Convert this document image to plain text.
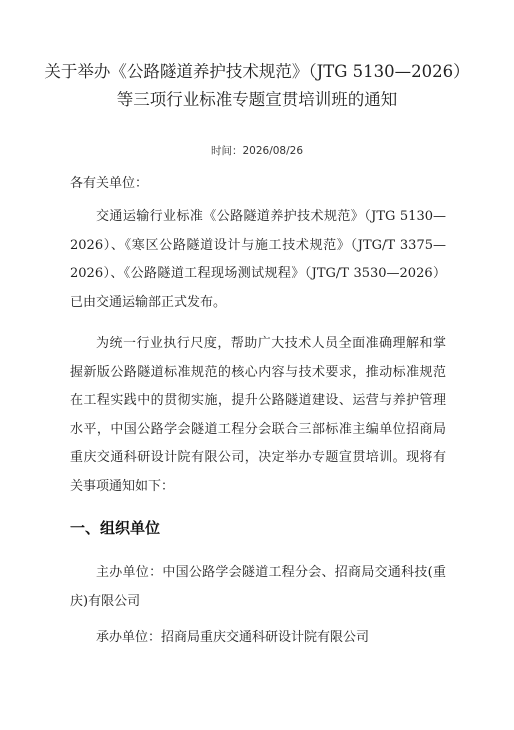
关于举办《公路隧道养护技术规范》（JTG 5130—2026）
等三项行业标准专题宣贯培训班的通知
时间：2026/08/26
各有关单位：

交通运输行业标准《公路隧道养护技术规范》（JTG 5130—2026）、《寒区公路隧道设计与施工技术规范》（JTG/T 3375—2026）、《公路隧道工程现场测试规程》（JTG/T 3530—2026）已由交通运输部正式发布。

为统一行业执行尺度，帮助广大技术人员全面准确理解和掌握新版公路隧道标准规范的核心内容与技术要求，推动标准规范在工程实践中的贯彻实施，提升公路隧道建设、运营与养护管理水平，中国公路学会隧道工程分会联合三部标准主编单位招商局重庆交通科研设计院有限公司，决定举办专题宣贯培训。现将有关事项通知如下：

一、组织单位

主办单位：中国公路学会隧道工程分会、招商局交通科技(重庆)有限公司

承办单位：招商局重庆交通科研设计院有限公司
